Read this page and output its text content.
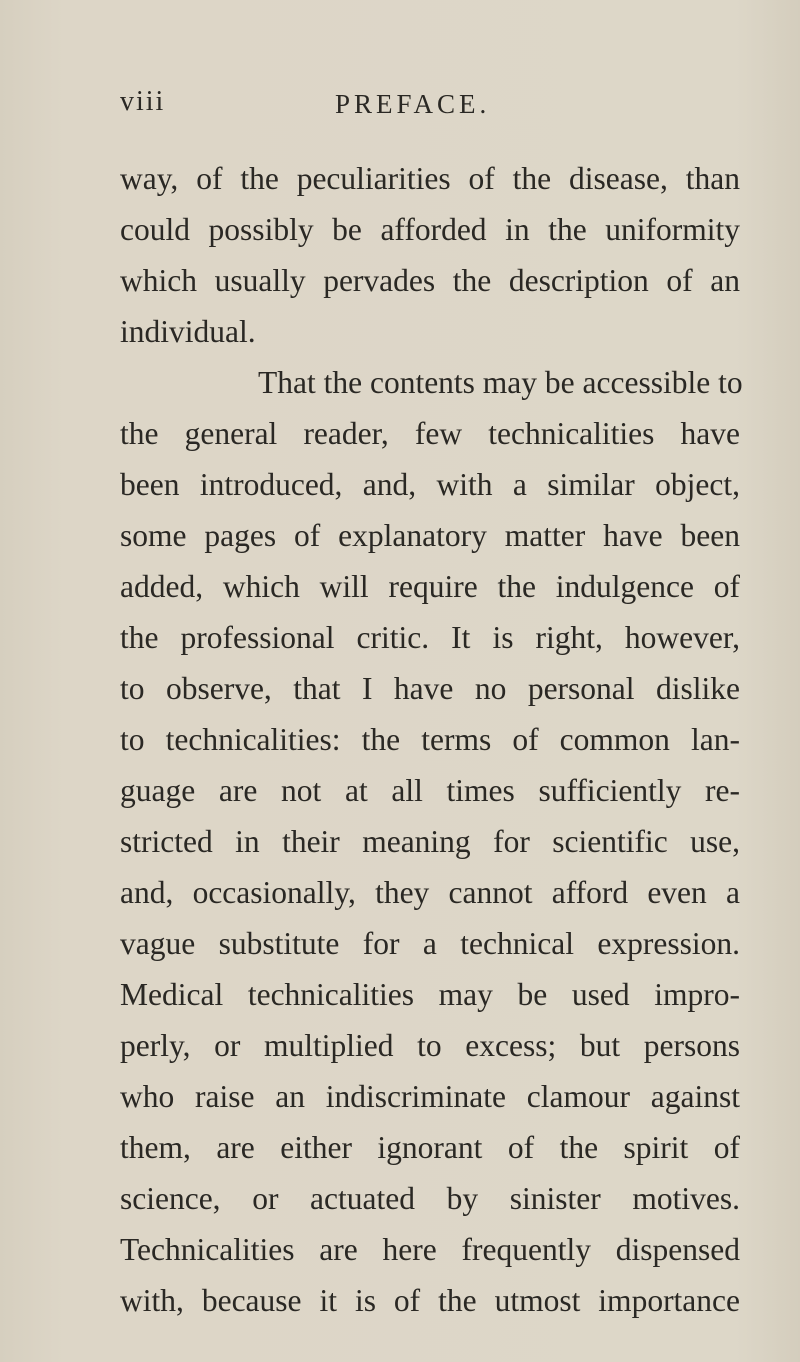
viii	PREFACE.
way, of the peculiarities of the disease, than
could possibly be afforded in the uniformity
which usually pervades the description of an
individual.
That the contents may be accessible to
the general reader, few technicalities have
been introduced, and, with a similar object,
some pages of explanatory matter have been
added, which will require the indulgence of
the professional critic. It is right, however,
to observe, that I have no personal dislike
to technicalities: the terms of common lan-
guage are not at all times sufficiently re-
stricted in their meaning for scientific use,
and, occasionally, they cannot afford even a
vague substitute for a technical expression.
Medical technicalities may be used impro-
perly, or multiplied to excess; but persons
who raise an indiscriminate clamour against
them, are either ignorant of the spirit of
science, or actuated by sinister motives.
Technicalities are here frequently dispensed
with, because it is of the utmost importance
